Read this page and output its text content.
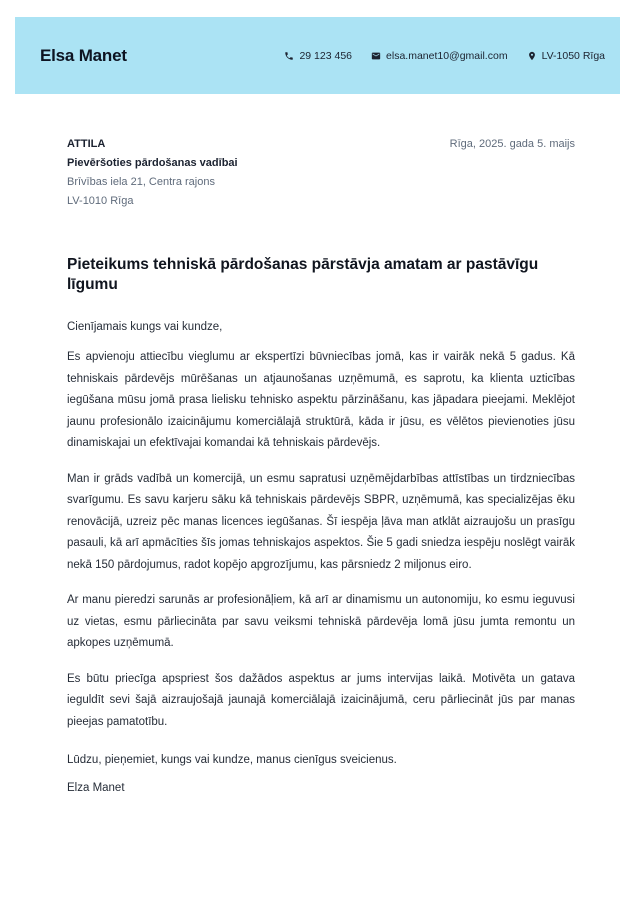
Elsa Manet	29 123 456	elsa.manet10@gmail.com	LV-1050 Rīga
ATTILA
Pievēršoties pārdošanas vadībai
Brīvības iela 21, Centra rajons
LV-1010 Rīga
Rīga, 2025. gada 5. maijs
Pieteikums tehniskā pārdošanas pārstāvja amatam ar pastāvīgu līgumu

Cienījamais kungs vai kundze,

Es apvienoju attiecību vieglumu ar ekspertīzi būvniecības jomā, kas ir vairāk nekā 5 gadus. Kā tehniskais pārdevējs mūrēšanas un atjaunošanas uzņēmumā, es saprotu, ka klienta uzticības iegūšana mūsu jomā prasa lielisku tehnisko aspektu pārzināšanu, kas jāpadara pieejami. Meklējot jaunu profesionālo izaicinājumu komerciālajā struktūrā, kāda ir jūsu, es vēlētos pievienoties jūsu dinamiskajai un efektīvajai komandai kā tehniskais pārdevējs.

Man ir grāds vadībā un komercijā, un esmu sapratusi uzņēmējdarbības attīstības un tirdzniecības svarīgumu. Es savu karjeru sāku kā tehniskais pārdevējs SBPR, uzņēmumā, kas specializējas ēku renovācijā, uzreiz pēc manas licences iegūšanas. Šī iespēja ļāva man atklāt aizraujošu un prasīgu pasauli, kā arī apmācīties šīs jomas tehniskajos aspektos. Šie 5 gadi sniedza iespēju noslēgt vairāk nekā 150 pārdojumus, radot kopējo apgrozījumu, kas pārsniedz 2 miljonus eiro.

Ar manu pieredzi sarunās ar profesionāļiem, kā arī ar dinamismu un autonomiju, ko esmu ieguvusi uz vietas, esmu pārliecināta par savu veiksmi tehniskā pārdevēja lomā jūsu jumta remontu un apkopes uzņēmumā.

Es būtu priecīga apspriest šos dažādos aspektus ar jums intervijas laikā. Motivēta un gatava ieguldīt sevi šajā aizraujošajā jaunajā komerciālajā izaicinājumā, ceru pārliecināt jūs par manas pieejas pamatotību.

Lūdzu, pieņemiet, kungs vai kundze, manus cienīgus sveicienus.

Elza Manet
